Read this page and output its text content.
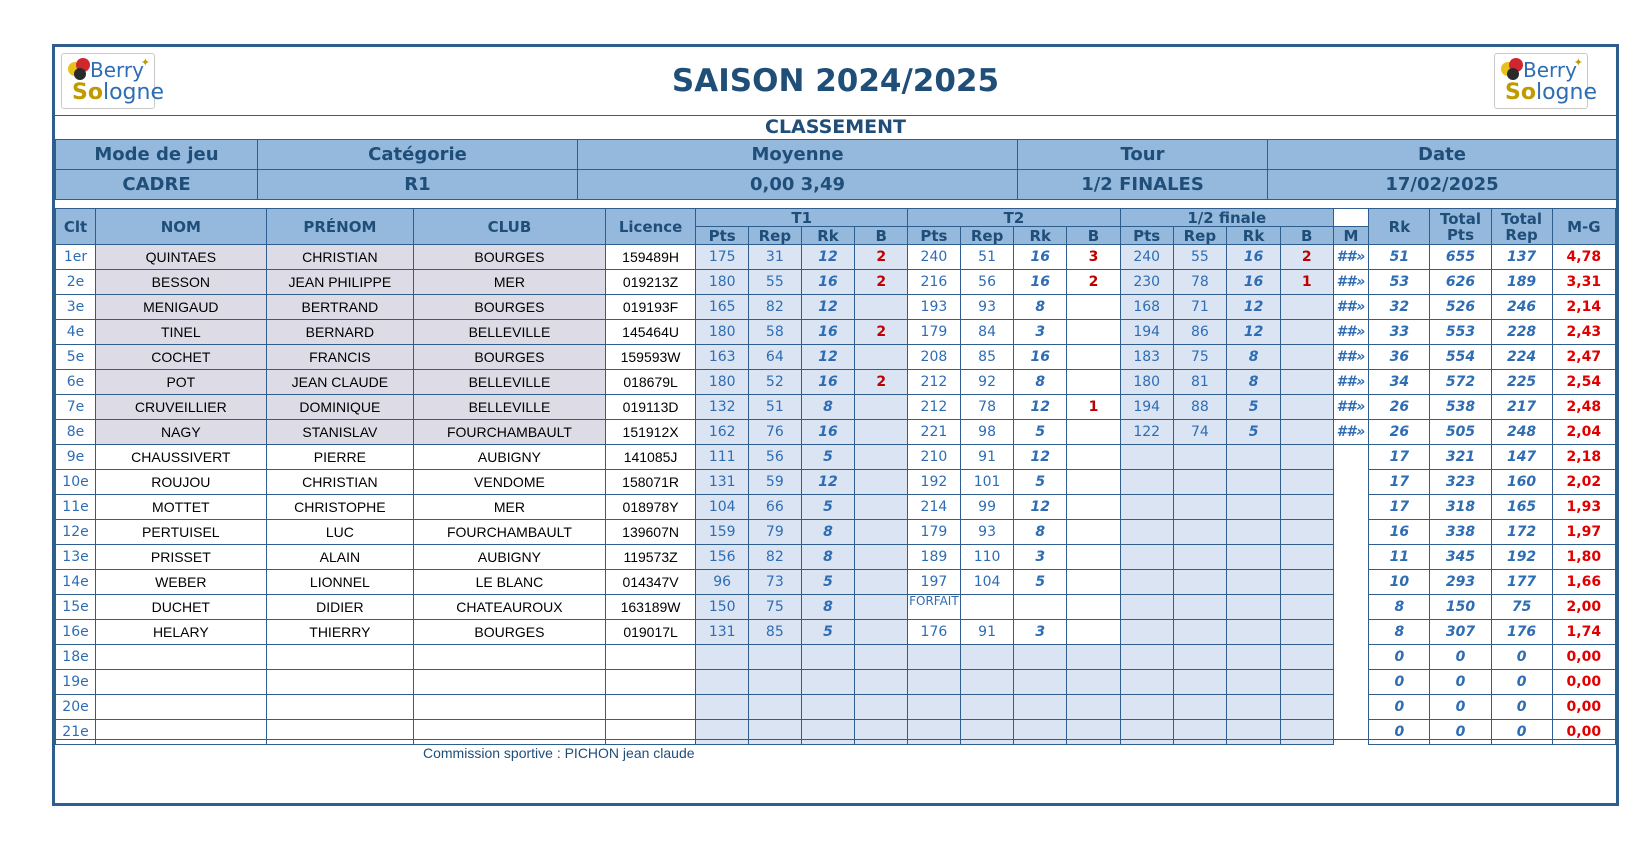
✦
Berry
Sologne	SAISON 2024/2025
✦
Berry
Sologne
CLASSEMENT
Mode de jeu	Catégorie	Moyenne	Tour	Date
CADRE	R1	0,00 3,49	1/2 FINALES	17/02/2025
Clt	NOM	PRÉNOM	CLUB	Licence	T1				T2				1/2 finale					Rk	Total Pts	Total Rep	M-G
					Pts	Rep	Rk	B	Pts	Rep	Rk	B	Pts	Rep	Rk	B	M				
1er	QUINTAES	CHRISTIAN	BOURGES	159489H	175	31	12	2	240	51	16	3	240	55	16	2	##»	51	655	137	4,78
2e	BESSON	JEAN PHILIPPE	MER	019213Z	180	55	16	2	216	56	16	2	230	78	16	1	##»	53	626	189	3,31
3e	MENIGAUD	BERTRAND	BOURGES	019193F	165	82	12		193	93	8		168	71	12		##»	32	526	246	2,14
4e	TINEL	BERNARD	BELLEVILLE	145464U	180	58	16	2	179	84	3		194	86	12		##»	33	553	228	2,43
5e	COCHET	FRANCIS	BOURGES	159593W	163	64	12		208	85	16		183	75	8		##»	36	554	224	2,47
6e	POT	JEAN CLAUDE	BELLEVILLE	018679L	180	52	16	2	212	92	8		180	81	8		##»	34	572	225	2,54
7e	CRUVEILLIER	DOMINIQUE	BELLEVILLE	019113D	132	51	8		212	78	12	1	194	88	5		##»	26	538	217	2,48
8e	NAGY	STANISLAV	FOURCHAMBAULT	151912X	162	76	16		221	98	5		122	74	5		##»	26	505	248	2,04
9e	CHAUSSIVERT	PIERRE	AUBIGNY	141085J	111	56	5		210	91	12							17	321	147	2,18
10e	ROUJOU	CHRISTIAN	VENDOME	158071R	131	59	12		192	101	5							17	323	160	2,02
11e	MOTTET	CHRISTOPHE	MER	018978Y	104	66	5		214	99	12							17	318	165	1,93
12e	PERTUISEL	LUC	FOURCHAMBAULT	139607N	159	79	8		179	93	8							16	338	172	1,97
13e	PRISSET	ALAIN	AUBIGNY	119573Z	156	82	8		189	110	3							11	345	192	1,80
14e	WEBER	LIONNEL	LE BLANC	014347V	96	73	5		197	104	5							10	293	177	1,66
15e	DUCHET	DIDIER	CHATEAUROUX	163189W	150	75	8		FORFAIT									8	150	75	2,00
16e	HELARY	THIERRY	BOURGES	019017L	131	85	5		176	91	3							8	307	176	1,74
18e																		0	0	0	0,00
19e																		0	0	0	0,00
20e																		0	0	0	0,00
21e																		0	0	0	0,00
Commission sportive : PICHON jean claude
